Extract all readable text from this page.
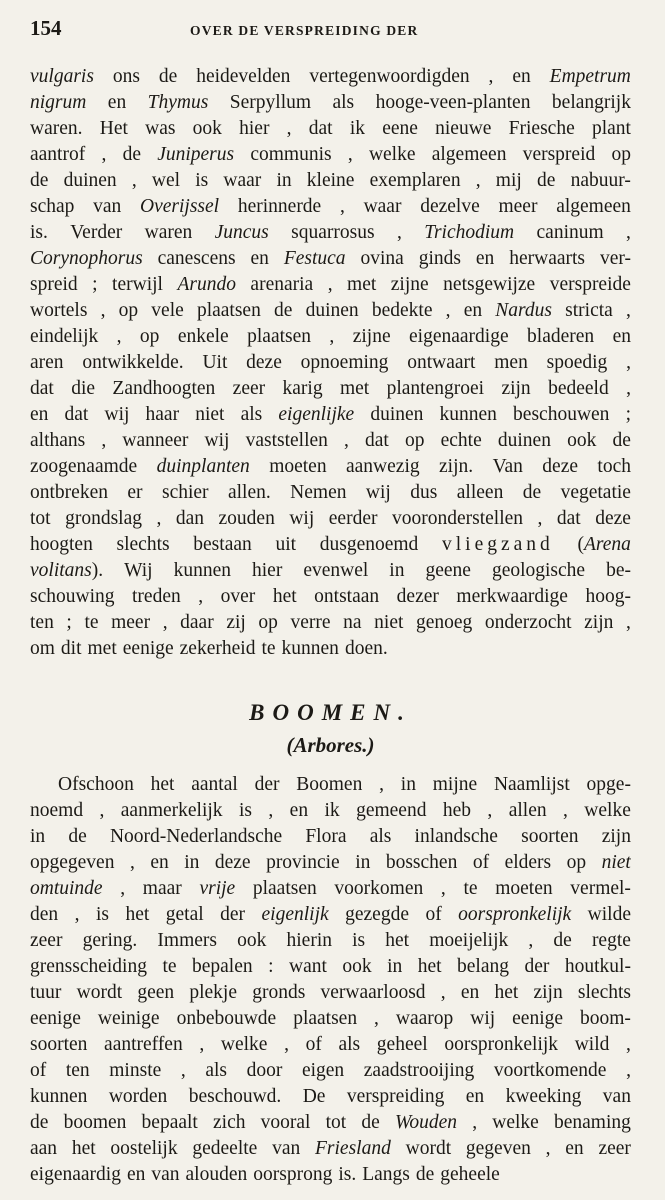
154	OVER DE VERSPREIDING DER
vulgaris ons de heidevelden vertegenwoordigden , en Empetrum
nigrum en Thymus Serpyllum als hooge-veen-planten belangrijk
waren. Het was ook hier , dat ik eene nieuwe Friesche plant
aantrof , de Juniperus communis , welke algemeen verspreid op
de duinen , wel is waar in kleine exemplaren , mij de nabuur-
schap van Overijssel herinnerde , waar dezelve meer algemeen
is. Verder waren Juncus squarrosus , Trichodium caninum ,
Corynophorus canescens en Festuca ovina ginds en herwaarts ver-
spreid ; terwijl Arundo arenaria , met zijne netsgewijze verspreide
wortels , op vele plaatsen de duinen bedekte , en Nardus stricta ,
eindelijk , op enkele plaatsen , zijne eigenaardige bladeren en
aren ontwikkelde. Uit deze opnoeming ontwaart men spoedig ,
dat die Zandhoogten zeer karig met plantengroei zijn bedeeld ,
en dat wij haar niet als eigenlijke duinen kunnen beschouwen ;
althans , wanneer wij vaststellen , dat op echte duinen ook de
zoogenaamde duinplanten moeten aanwezig zijn. Van deze toch
ontbreken er schier allen. Nemen wij dus alleen de vegetatie
tot grondslag , dan zouden wij eerder vooronderstellen , dat deze
hoogten slechts bestaan uit dusgenoemd vliegzand (Arena
volitans). Wij kunnen hier evenwel in geene geologische be-
schouwing treden , over het ontstaan dezer merkwaardige hoog-
ten ; te meer , daar zij op verre na niet genoeg onderzocht zijn ,
om dit met eenige zekerheid te kunnen doen.
BOOMEN.
(Arbores.)
Ofschoon het aantal der Boomen , in mijne Naamlijst opge-
noemd , aanmerkelijk is , en ik gemeend heb , allen , welke
in de Noord-Nederlandsche Flora als inlandsche soorten zijn
opgegeven , en in deze provincie in bosschen of elders op niet
omtuinde , maar vrije plaatsen voorkomen , te moeten vermel-
den , is het getal der eigenlijk gezegde of oorspronkelijk wilde
zeer gering. Immers ook hierin is het moeijelijk , de regte
grensscheiding te bepalen : want ook in het belang der houtkul-
tuur wordt geen plekje gronds verwaarloosd , en het zijn slechts
eenige weinige onbebouwde plaatsen , waarop wij eenige boom-
soorten aantreffen , welke , of als geheel oorspronkelijk wild ,
of ten minste , als door eigen zaadstrooijing voortkomende ,
kunnen worden beschouwd. De verspreiding en kweeking van
de boomen bepaalt zich vooral tot de Wouden , welke benaming
aan het oostelijk gedeelte van Friesland wordt gegeven , en zeer
eigenaardig en van alouden oorsprong is. Langs de geheele
